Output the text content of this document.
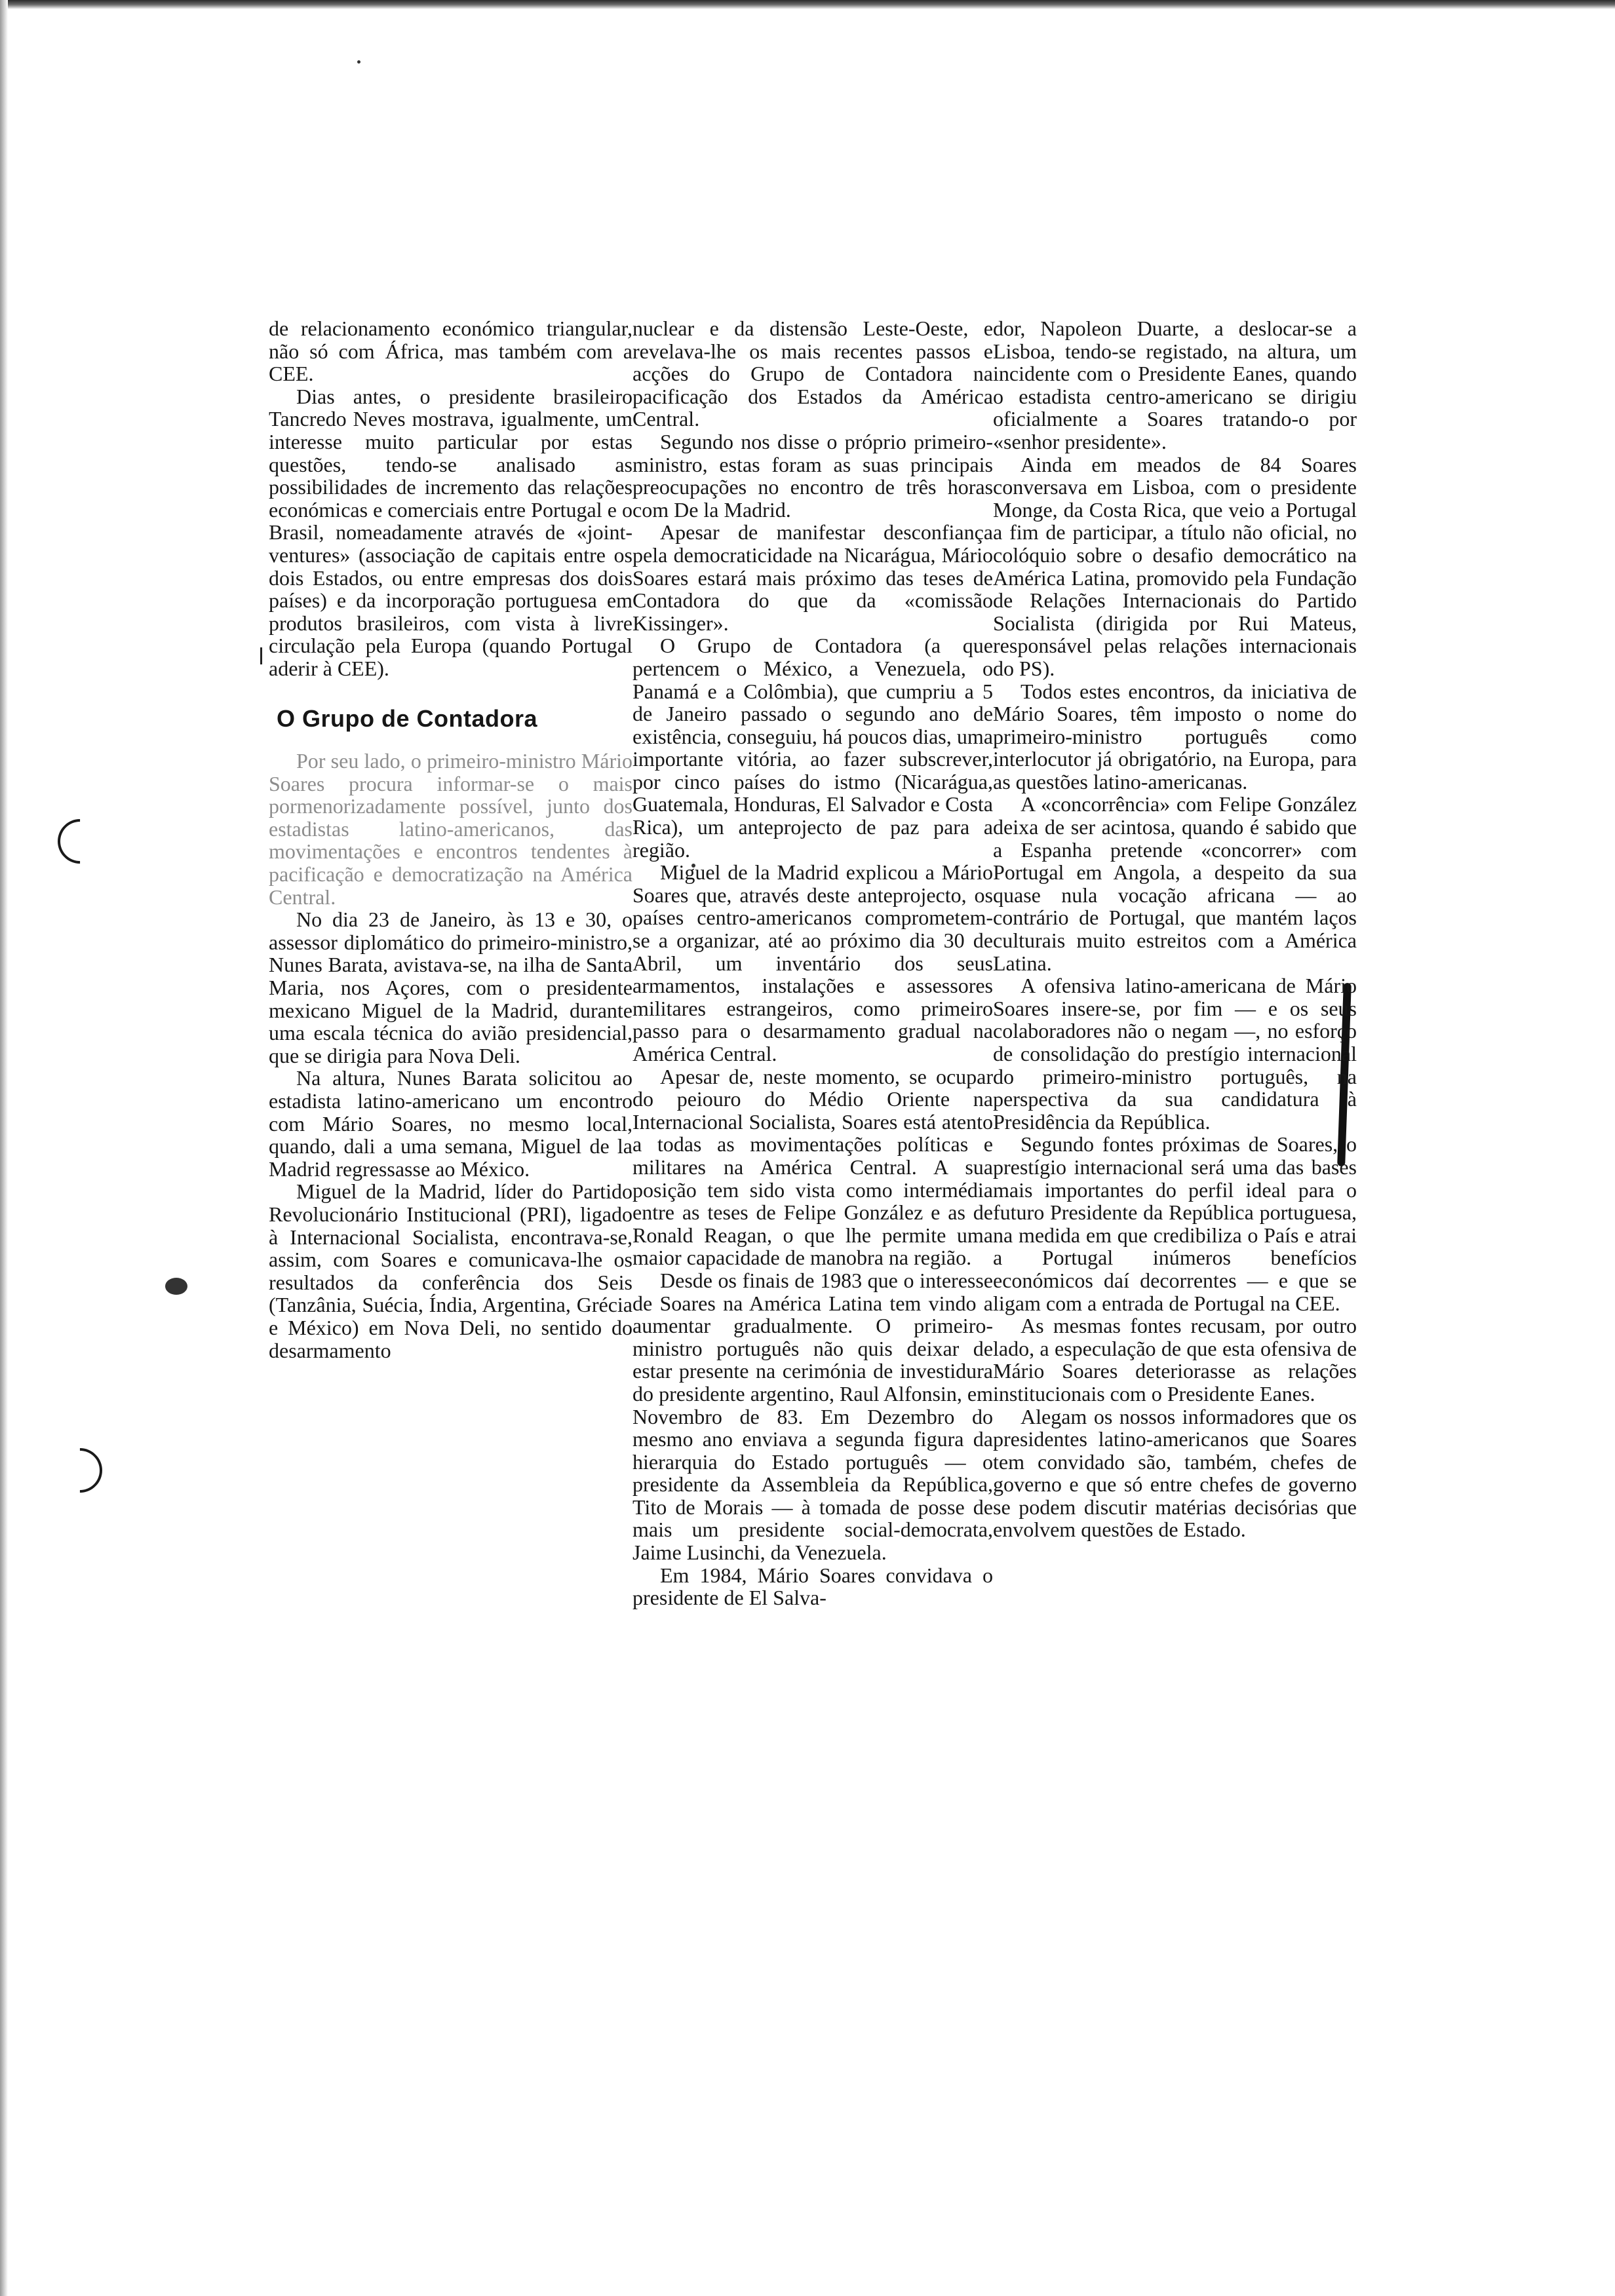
de relacionamento económico triangular, não só com África, mas também com a CEE.

Dias antes, o presidente brasileiro Tancredo Neves mostrava, igualmente, um interesse muito particular por estas questões, tendo-se analisado as possibilidades de incremento das relações económicas e comerciais entre Portugal e o Brasil, nomeadamente através de «joint-ventures» (associação de capitais entre os dois Estados, ou entre empresas dos dois países) e da incorporação portuguesa em produtos brasileiros, com vista à livre circulação pela Europa (quando Portugal aderir à CEE).

O Grupo de Contadora

Por seu lado, o primeiro-ministro Mário Soares procura informar-se o mais pormenorizadamente possível, junto dos estadistas latino-americanos, das movimentações e encontros tendentes à pacificação e democratização na América Central.

No dia 23 de Janeiro, às 13 e 30, o assessor diplomático do primeiro-ministro, Nunes Barata, avistava-se, na ilha de Santa Maria, nos Açores, com o presidente mexicano Miguel de la Madrid, durante uma escala técnica do avião presidencial, que se dirigia para Nova Deli.

Na altura, Nunes Barata solicitou ao estadista latino-americano um encontro com Mário Soares, no mesmo local, quando, dali a uma semana, Miguel de la Madrid regressasse ao México.

Miguel de la Madrid, líder do Partido Revolucionário Institucional (PRI), ligado à Internacional Socialista, encontrava-se, assim, com Soares e comunicava-lhe os resultados da conferência dos Seis (Tanzânia, Suécia, Índia, Argentina, Grécia e México) em Nova Deli, no sentido do desarmamento

nuclear e da distensão Leste-Oeste, e revelava-lhe os mais recentes passos e acções do Grupo de Contadora na pacificação dos Estados da América Central.

Segundo nos disse o próprio primeiro-ministro, estas foram as suas principais preocupações no encontro de três horas com De la Madrid.

Apesar de manifestar desconfiança pela democraticidade na Nicarágua, Mário Soares estará mais próximo das teses de Contadora do que da «comissão Kissinger».

O Grupo de Contadora (a que pertencem o México, a Venezuela, o Panamá e a Colômbia), que cumpriu a 5 de Janeiro passado o segundo ano de existência, conseguiu, há poucos dias, uma importante vitória, ao fazer subscrever, por cinco países do istmo (Nicarágua, Guatemala, Honduras, El Salvador e Costa Rica), um anteprojecto de paz para a região.

Miguel de la Madrid explicou a Mário Soares que, através deste anteprojecto, os países centro-americanos comprometem-se a organizar, até ao próximo dia 30 de Abril, um inventário dos seus armamentos, instalações e assessores militares estrangeiros, como primeiro passo para o desarmamento gradual na América Central.

Apesar de, neste momento, se ocupar do peiouro do Médio Oriente na Internacional Socialista, Soares está atento a todas as movimentações políticas e militares na América Central. A sua posição tem sido vista como intermédia entre as teses de Felipe González e as de Ronald Reagan, o que lhe permite uma maior capacidade de manobra na região.

Desde os finais de 1983 que o interesse de Soares na América Latina tem vindo a aumentar gradualmente. O primeiro-ministro português não quis deixar de estar presente na cerimónia de investidura do presidente argentino, Raul Alfonsin, em Novembro de 83. Em Dezembro do mesmo ano enviava a segunda figura da hierarquia do Estado português — o presidente da Assembleia da República, Tito de Morais — à tomada de posse de mais um presidente social-democrata, Jaime Lusinchi, da Venezuela.

Em 1984, Mário Soares convidava o presidente de El Salva-

dor, Napoleon Duarte, a deslocar-se a Lisboa, tendo-se registado, na altura, um incidente com o Presidente Eanes, quando o estadista centro-americano se dirigiu oficialmente a Soares tratando-o por «senhor presidente».

Ainda em meados de 84 Soares conversava em Lisboa, com o presidente Monge, da Costa Rica, que veio a Portugal a fim de participar, a título não oficial, no colóquio sobre o desafio democrático na América Latina, promovido pela Fundação de Relações Internacionais do Partido Socialista (dirigida por Rui Mateus, responsável pelas relações internacionais do PS).

Todos estes encontros, da iniciativa de Mário Soares, têm imposto o nome do primeiro-ministro português como interlocutor já obrigatório, na Europa, para as questões latino-americanas.

A «concorrência» com Felipe González deixa de ser acintosa, quando é sabido que a Espanha pretende «concorrer» com Portugal em Angola, a despeito da sua quase nula vocação africana — ao contrário de Portugal, que mantém laços culturais muito estreitos com a América Latina.

A ofensiva latino-americana de Mário Soares insere-se, por fim — e os seus colaboradores não o negam —, no esforço de consolidação do prestígio internacional do primeiro-ministro português, na perspectiva da sua candidatura à Presidência da República.

Segundo fontes próximas de Soares, o prestígio internacional será uma das bases mais importantes do perfil ideal para o futuro Presidente da República portuguesa, na medida em que credibiliza o País e atrai a Portugal inúmeros benefícios económicos daí decorrentes — e que se ligam com a entrada de Portugal na CEE.

As mesmas fontes recusam, por outro lado, a especulação de que esta ofensiva de Mário Soares deteriorasse as relações institucionais com o Presidente Eanes.

Alegam os nossos informadores que os presidentes latino-americanos que Soares tem convidado são, também, chefes de governo e que só entre chefes de governo se podem discutir matérias decisórias que envolvem questões de Estado.
